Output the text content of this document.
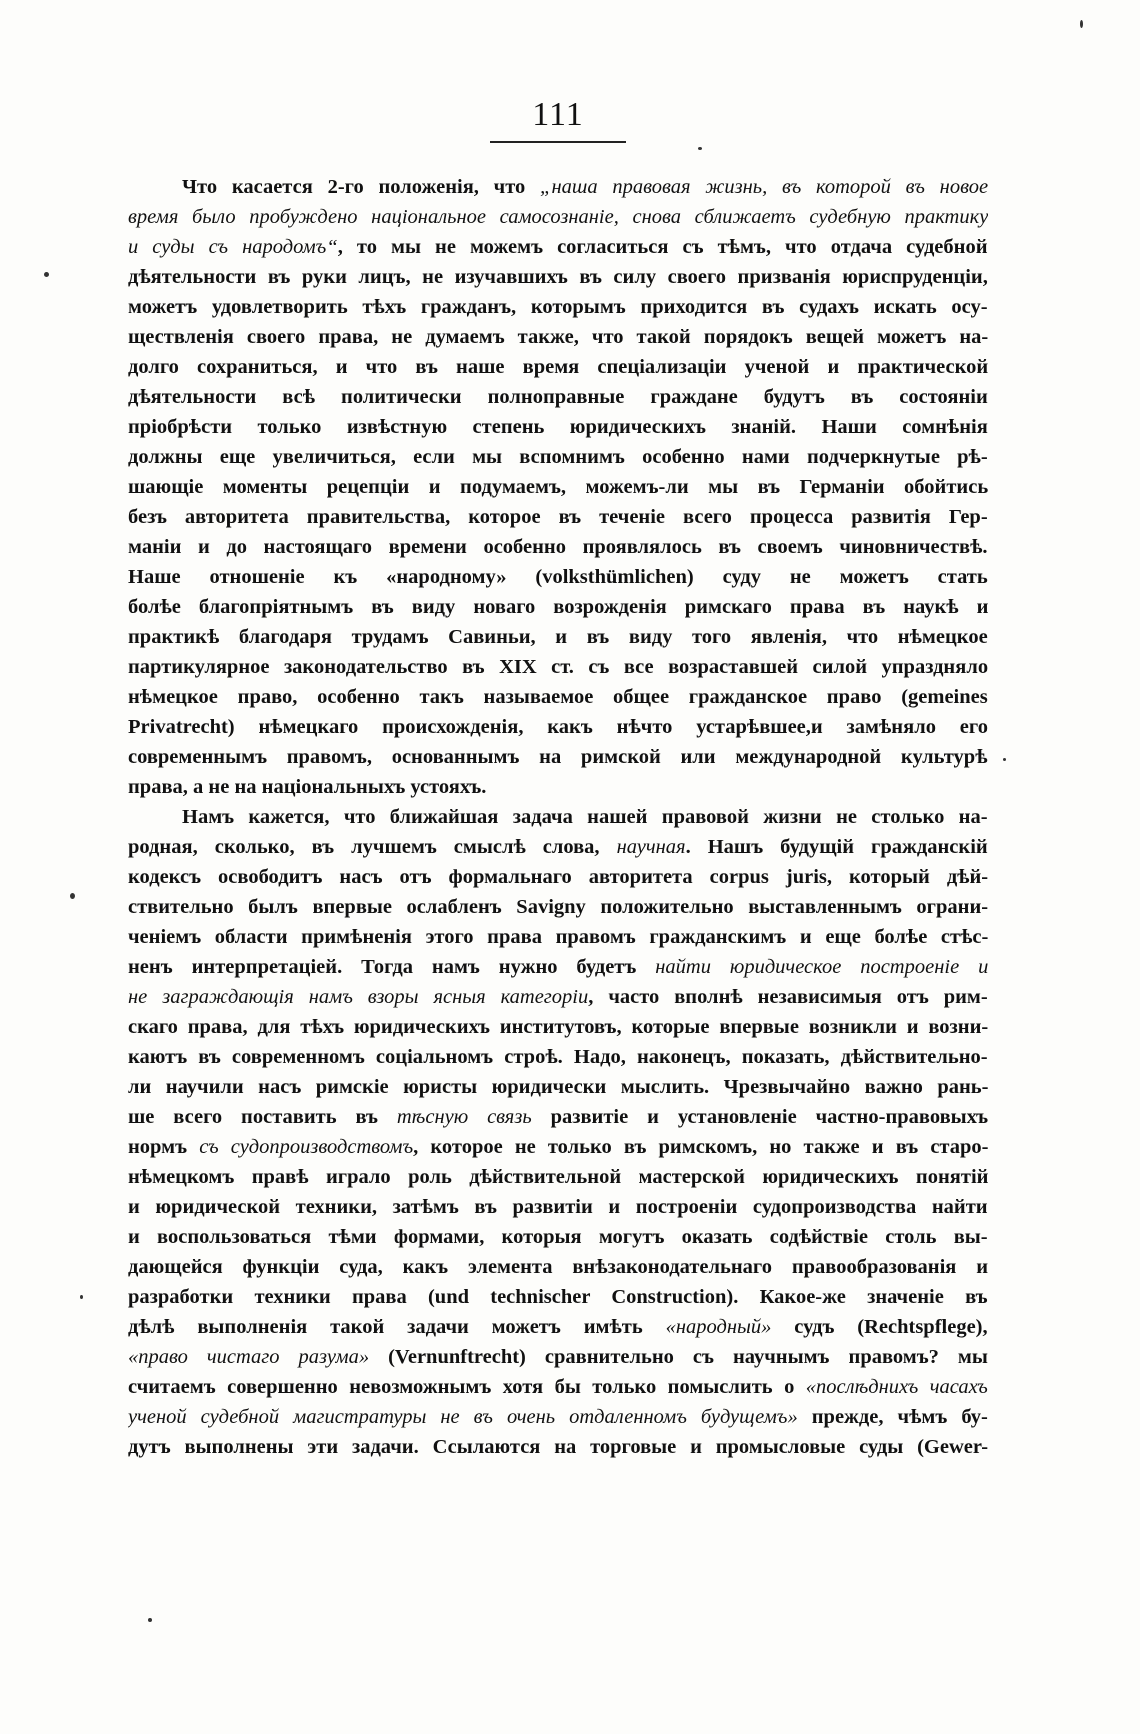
111
Что касается 2-го положенія, что „наша правовая жизнь, въ которой въ новое
время было пробуждено національное самосознаніе, снова сближаетъ судебную практику
и суды съ народомъ“, то мы не можемъ согласиться съ тѣмъ, что отдача судебной
дѣятельности въ руки лицъ, не изучавшихъ въ силу своего призванія юриспруденціи,
можетъ удовлетворить тѣхъ гражданъ, которымъ приходится въ судахъ искать осу-
ществленія своего права, не думаемъ также, что такой порядокъ вещей можетъ на-
долго сохраниться, и что въ наше время спеціализаціи ученой и практической
дѣятельности всѣ политически полноправные граждане будутъ въ состояніи
пріобрѣсти только извѣстную степень юридическихъ знаній. Наши сомнѣнія
должны еще увеличиться, если мы вспомнимъ особенно нами подчеркнутые рѣ-
шающіе моменты рецепціи и подумаемъ, можемъ-ли мы въ Германіи обойтись
безъ авторитета правительства, которое въ теченіе всего процесса развитія Гер-
маніи и до настоящаго времени особенно проявлялось въ своемъ чиновничествѣ.
Наше отношеніе къ «народному» (volksthümlichen) суду не можетъ стать
болѣе благопріятнымъ въ виду новаго возрожденія римскаго права въ наукѣ и
практикѣ благодаря трудамъ Савиньи, и въ виду того явленія, что нѣмецкое
партикулярное законодательство въ XIX ст. съ все возраставшей силой упраздняло
нѣмецкое право, особенно такъ называемое общее гражданское право (gemeines
Privatrecht) нѣмецкаго происхожденія, какъ нѣчто устарѣвшее,и замѣняло его
современнымъ правомъ, основаннымъ на римской или международной культурѣ
права, а не на національныхъ устояхъ.
Намъ кажется, что ближайшая задача нашей правовой жизни не столько на-
родная, сколько, въ лучшемъ смыслѣ слова, научная. Нашъ будущій гражданскій
кодексъ освободитъ насъ отъ формальнаго авторитета corpus juris, который дѣй-
ствительно былъ впервые ослабленъ Savigny положительно выставленнымъ ограни-
ченіемъ области примѣненія этого права правомъ гражданскимъ и еще болѣе стѣс-
ненъ интерпретаціей. Тогда намъ нужно будетъ найти юридическое построеніе и
не заграждающія намъ взоры ясныя категоріи, часто вполнѣ независимыя отъ рим-
скаго права, для тѣхъ юридическихъ институтовъ, которые впервые возникли и возни-
каютъ въ современномъ соціальномъ строѣ. Надо, наконецъ, показать, дѣйствительно-
ли научили насъ римскіе юристы юридически мыслить. Чрезвычайно важно рань-
ше всего поставить въ тѣсную связь развитіе и установленіе частно-правовыхъ
нормъ съ судопроизводствомъ, которое не только въ римскомъ, но также и въ старо-
нѣмецкомъ правѣ играло роль дѣйствительной мастерской юридическихъ понятій
и юридической техники, затѣмъ въ развитіи и построеніи судопроизводства найти
и воспользоваться тѣми формами, которыя могутъ оказать содѣйствіе столь вы-
дающейся функціи суда, какъ элемента внѣзаконодательнаго правообразованія и
разработки техники права (und technischer Construction). Какое-же значеніе въ
дѣлѣ выполненія такой задачи можетъ имѣть «народный» судъ (Rechtspflege),
«право чистаго разума» (Vernunftrecht) сравнительно съ научнымъ правомъ? мы
считаемъ совершенно невозможнымъ хотя бы только помыслить о «послѣднихъ часахъ
ученой судебной магистратуры не въ очень отдаленномъ будущемъ» прежде, чѣмъ бу-
дутъ выполнены эти задачи. Ссылаются на торговые и промысловые суды (Gewer-
